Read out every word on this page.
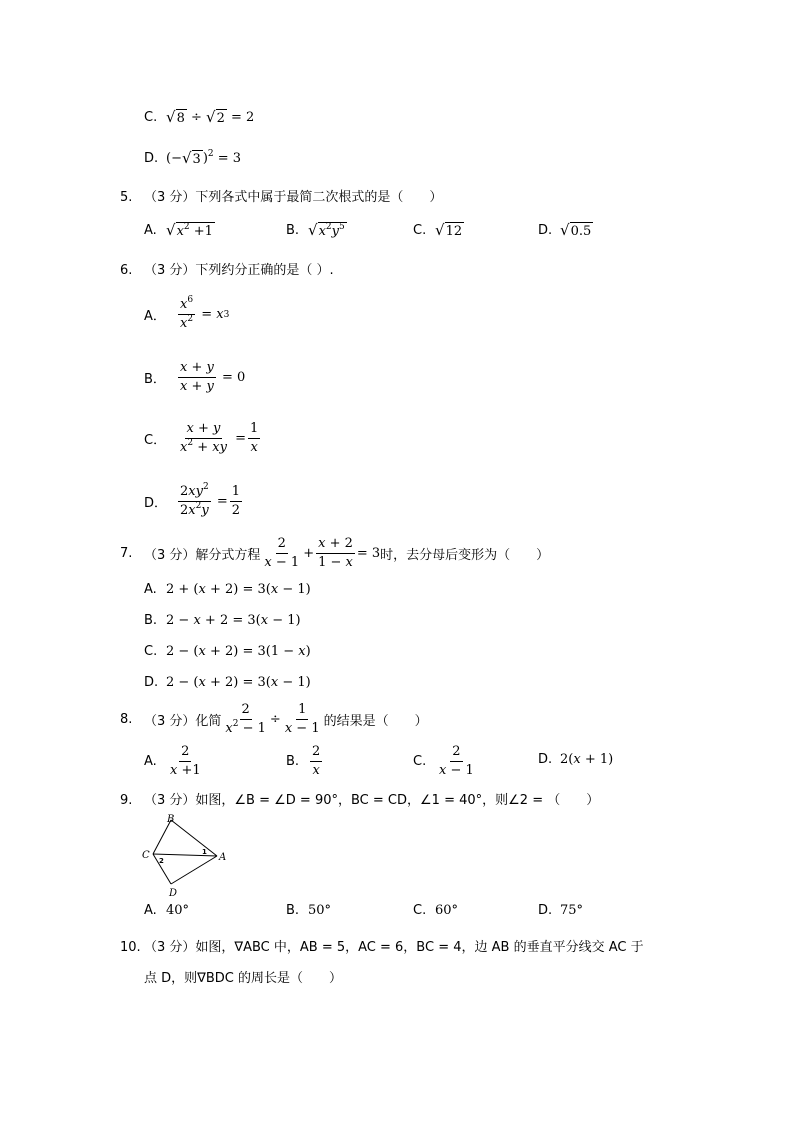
C. √ 8 ÷ √ 2 = 2
D. (− √ 3 )$^2$ = 3
5. （3 分）下列各式中属于最简二次根式的是（　　）
A. √ $x^2 +1$	B. √ $x^2y^5$	C. √ 12	D. √ 0.5
6. （3 分）下列约分正确的是（ ）.
A． $\frac{x^6}{x^2} = x$ 3
B． $\frac{x + y}{x + y} = 0$
C． $\frac{x + y}{x^2 + xy} = \frac{1}{x}$
D． $\frac{2xy^2}{2x^2y} = \frac{1}{2}$
7. （3 分）解分式方程 $\frac{2}{x - 1} + \frac{x + 2}{1 - x} = 3$ 时，去分母后变形为（　　）
A. 2 + (x + 2) = 3(x − 1)
B. 2 − x + 2 = 3(x − 1)
C. 2 − (x + 2) = 3(1 − x)
D. 2 − (x + 2) = 3(x − 1)
8. （3 分）化简 $\frac{2}{x^2 - 1} \div \frac{1}{x - 1}$ 的结果是（　　）
A. $\frac{2}{x +1}$	B. $\frac{2}{x}$	C. $\frac{2}{x - 1}$	D. 2(x + 1)
9. （3 分）如图，∠B = ∠D = 90°，BC = CD，∠1 = 40°，则∠2 = （　　）
B
C	A
D
1
2
A. 40°	B. 50°	C. 60°	D. 75°
10. （3 分）如图，∇ABC 中，AB = 5，AC = 6，BC = 4，边 AB 的垂直平分线交 AC 于
点 D，则∇BDC 的周长是（　　）
